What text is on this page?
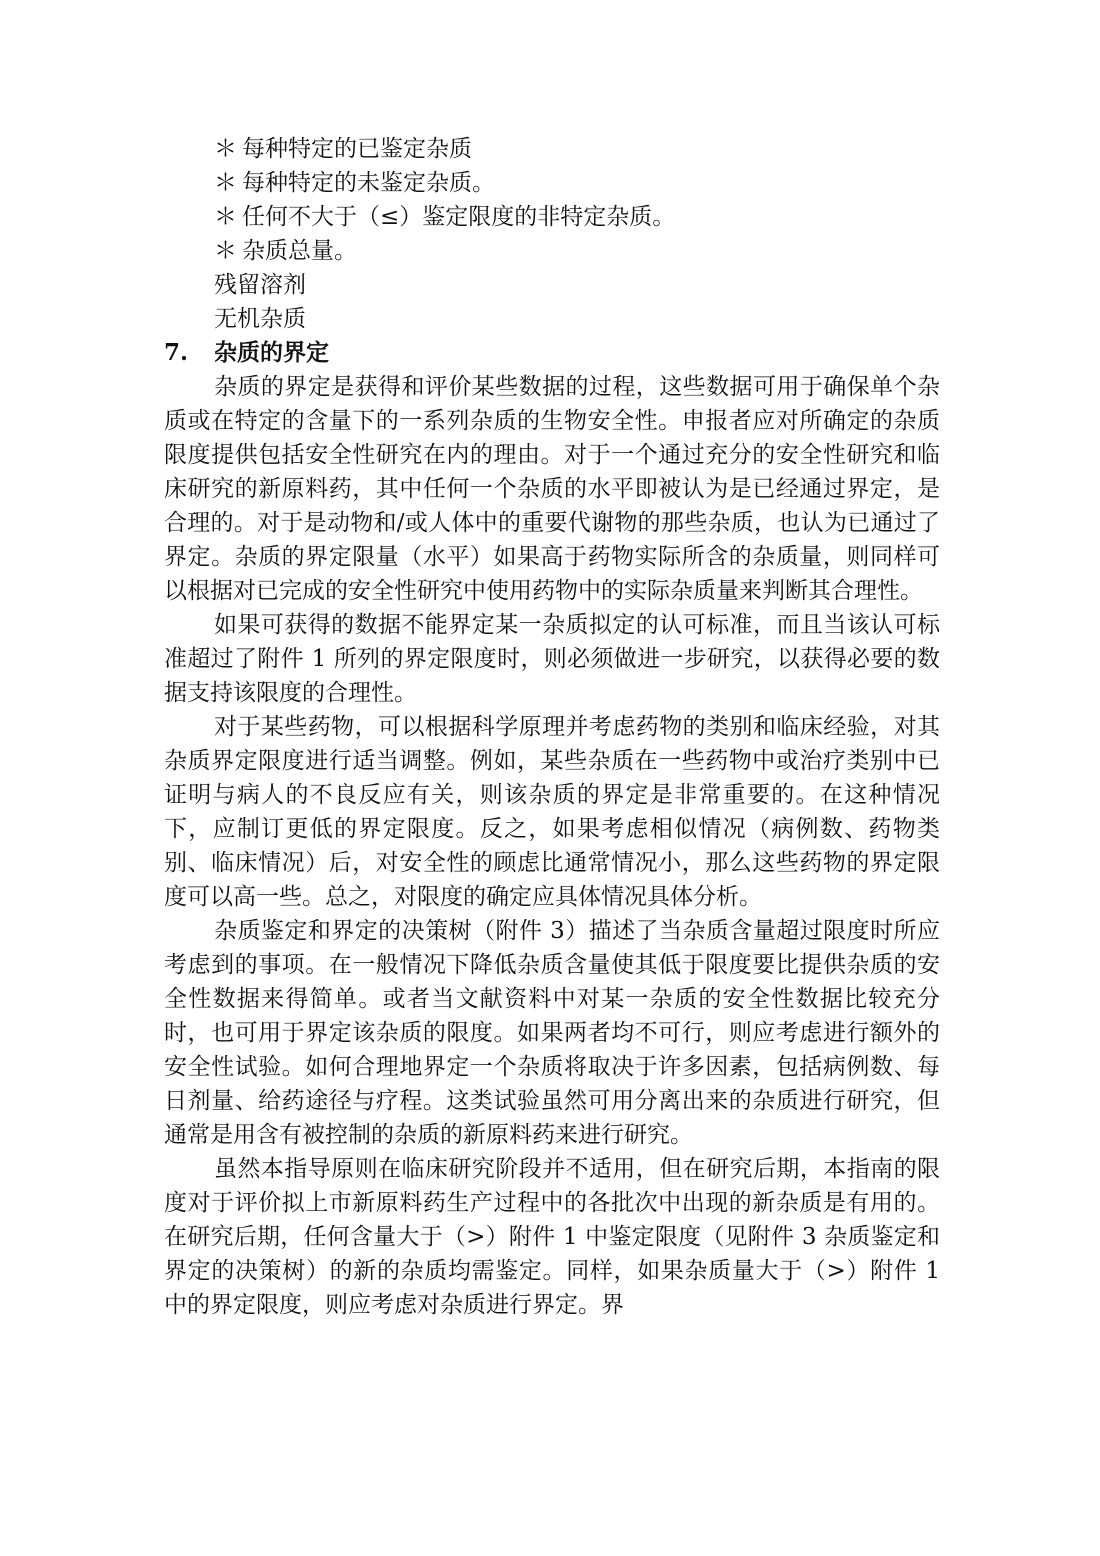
＊ 每种特定的已鉴定杂质
＊ 每种特定的未鉴定杂质。
＊ 任何不大于（≤）鉴定限度的非特定杂质。
＊ 杂质总量。
残留溶剂
无机杂质
7. 杂质的界定

杂质的界定是获得和评价某些数据的过程，这些数据可用于确保单个杂质或在特定的含量下的一系列杂质的生物安全性。申报者应对所确定的杂质限度提供包括安全性研究在内的理由。对于一个通过充分的安全性研究和临床研究的新原料药，其中任何一个杂质的水平即被认为是已经通过界定，是合理的。对于是动物和/或人体中的重要代谢物的那些杂质，也认为已通过了界定。杂质的界定限量（水平）如果高于药物实际所含的杂质量，则同样可以根据对已完成的安全性研究中使用药物中的实际杂质量来判断其合理性。

如果可获得的数据不能界定某一杂质拟定的认可标准，而且当该认可标准超过了附件 1 所列的界定限度时，则必须做进一步研究，以获得必要的数据支持该限度的合理性。

对于某些药物，可以根据科学原理并考虑药物的类别和临床经验，对其杂质界定限度进行适当调整。例如，某些杂质在一些药物中或治疗类别中已证明与病人的不良反应有关，则该杂质的界定是非常重要的。在这种情况下，应制订更低的界定限度。反之，如果考虑相似情况（病例数、药物类别、临床情况）后，对安全性的顾虑比通常情况小，那么这些药物的界定限度可以高一些。总之，对限度的确定应具体情况具体分析。

杂质鉴定和界定的决策树（附件 3）描述了当杂质含量超过限度时所应考虑到的事项。在一般情况下降低杂质含量使其低于限度要比提供杂质的安全性数据来得简单。或者当文献资料中对某一杂质的安全性数据比较充分时，也可用于界定该杂质的限度。如果两者均不可行，则应考虑进行额外的安全性试验。如何合理地界定一个杂质将取决于许多因素，包括病例数、每日剂量、给药途径与疗程。这类试验虽然可用分离出来的杂质进行研究，但通常是用含有被控制的杂质的新原料药来进行研究。

虽然本指导原则在临床研究阶段并不适用，但在研究后期，本指南的限度对于评价拟上市新原料药生产过程中的各批次中出现的新杂质是有用的。在研究后期，任何含量大于（>）附件 1 中鉴定限度（见附件 3 杂质鉴定和界定的决策树）的新的杂质均需鉴定。同样，如果杂质量大于（>）附件 1 中的界定限度，则应考虑对杂质进行界定。界
